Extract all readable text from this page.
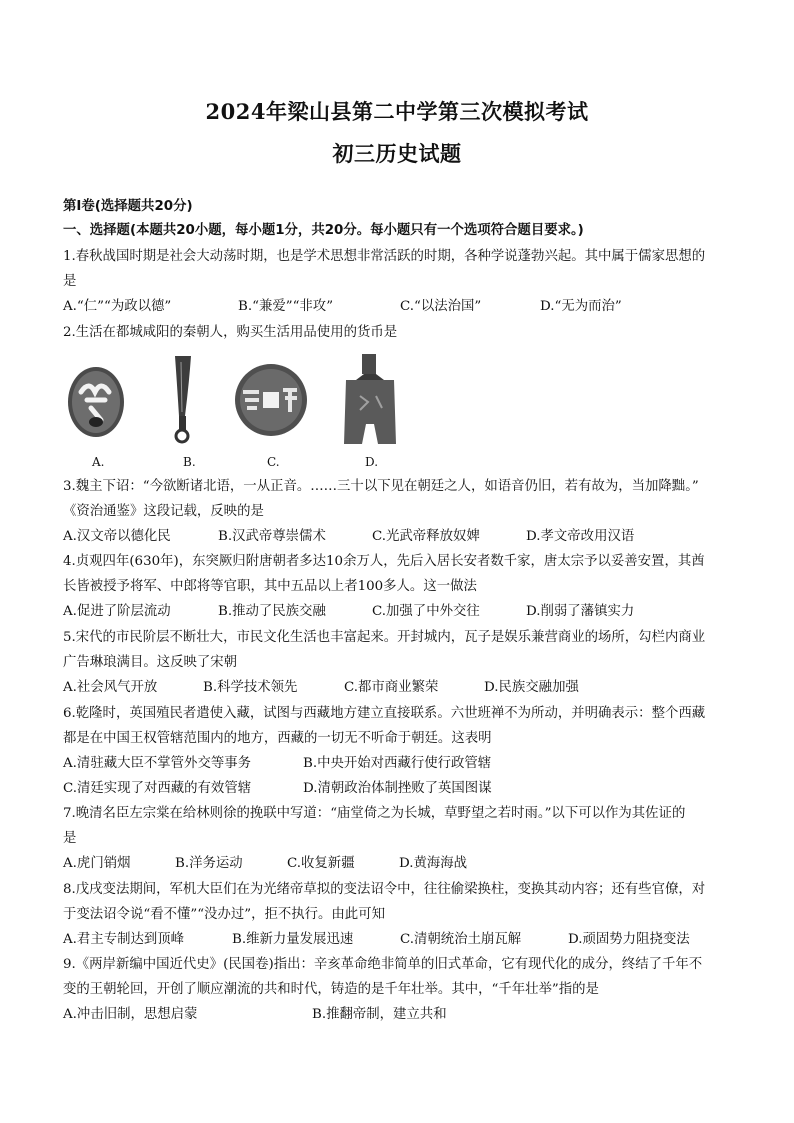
2024年梁山县第二中学第三次模拟考试
初三历史试题
第Ⅰ卷(选择题共20分)
一、选择题(本题共20小题，每小题1分，共20分。每小题只有一个选项符合题目要求。)
1.春秋战国时期是社会大动荡时期，也是学术思想非常活跃的时期，各种学说蓬勃兴起。其中属于儒家思想的
是
A.“仁”“为政以德”	B.“兼爱”“非攻”	C.“以法治国”	D.“无为而治”
2.生活在都城咸阳的秦朝人，购买生活用品使用的货币是
A.	B.	C.	D.
3.魏主下诏：“今欲断诸北语，一从正音。……三十以下见在朝廷之人，如语音仍旧，若有故为，当加降黜。”
《资治通鉴》这段记载，反映的是
A.汉文帝以德化民	B.汉武帝尊崇儒术	C.光武帝释放奴婢	D.孝文帝改用汉语
4.贞观四年(630年)，东突厥归附唐朝者多达10余万人，先后入居长安者数千家，唐太宗予以妥善安置，其酋
长皆被授予将军、中郎将等官职，其中五品以上者100多人。这一做法
A.促进了阶层流动	B.推动了民族交融	C.加强了中外交往	D.削弱了藩镇实力
5.宋代的市民阶层不断壮大，市民文化生活也丰富起来。开封城内，瓦子是娱乐兼营商业的场所，勾栏内商业
广告琳琅满目。这反映了宋朝
A.社会风气开放	B.科学技术领先	C.都市商业繁荣	D.民族交融加强
6.乾隆时，英国殖民者遣使入藏，试图与西藏地方建立直接联系。六世班禅不为所动，并明确表示：整个西藏
都是在中国王权管辖范围内的地方，西藏的一切无不听命于朝廷。这表明
A.清驻藏大臣不掌管外交等事务	B.中央开始对西藏行使行政管辖
C.清廷实现了对西藏的有效管辖	D.清朝政治体制挫败了英国图谋
7.晚清名臣左宗棠在给林则徐的挽联中写道：“庙堂倚之为长城，草野望之若时雨。”以下可以作为其佐证的
是
A.虎门销烟	B.洋务运动	C.收复新疆	D.黄海海战
8.戊戌变法期间，军机大臣们在为光绪帝草拟的变法诏令中，往往偷梁换柱，变换其动内容；还有些官僚，对
于变法诏令说“看不懂”“没办过”，拒不执行。由此可知
A.君主专制达到顶峰	B.维新力量发展迅速	C.清朝统治土崩瓦解	D.顽固势力阻挠变法
9.《两岸新编中国近代史》(民国卷)指出：辛亥革命绝非简单的旧式革命，它有现代化的成分，终结了千年不
变的王朝轮回，开创了顺应潮流的共和时代，铸造的是千年壮举。其中，“千年壮举”指的是
A.冲击旧制，思想启蒙	B.推翻帝制，建立共和
